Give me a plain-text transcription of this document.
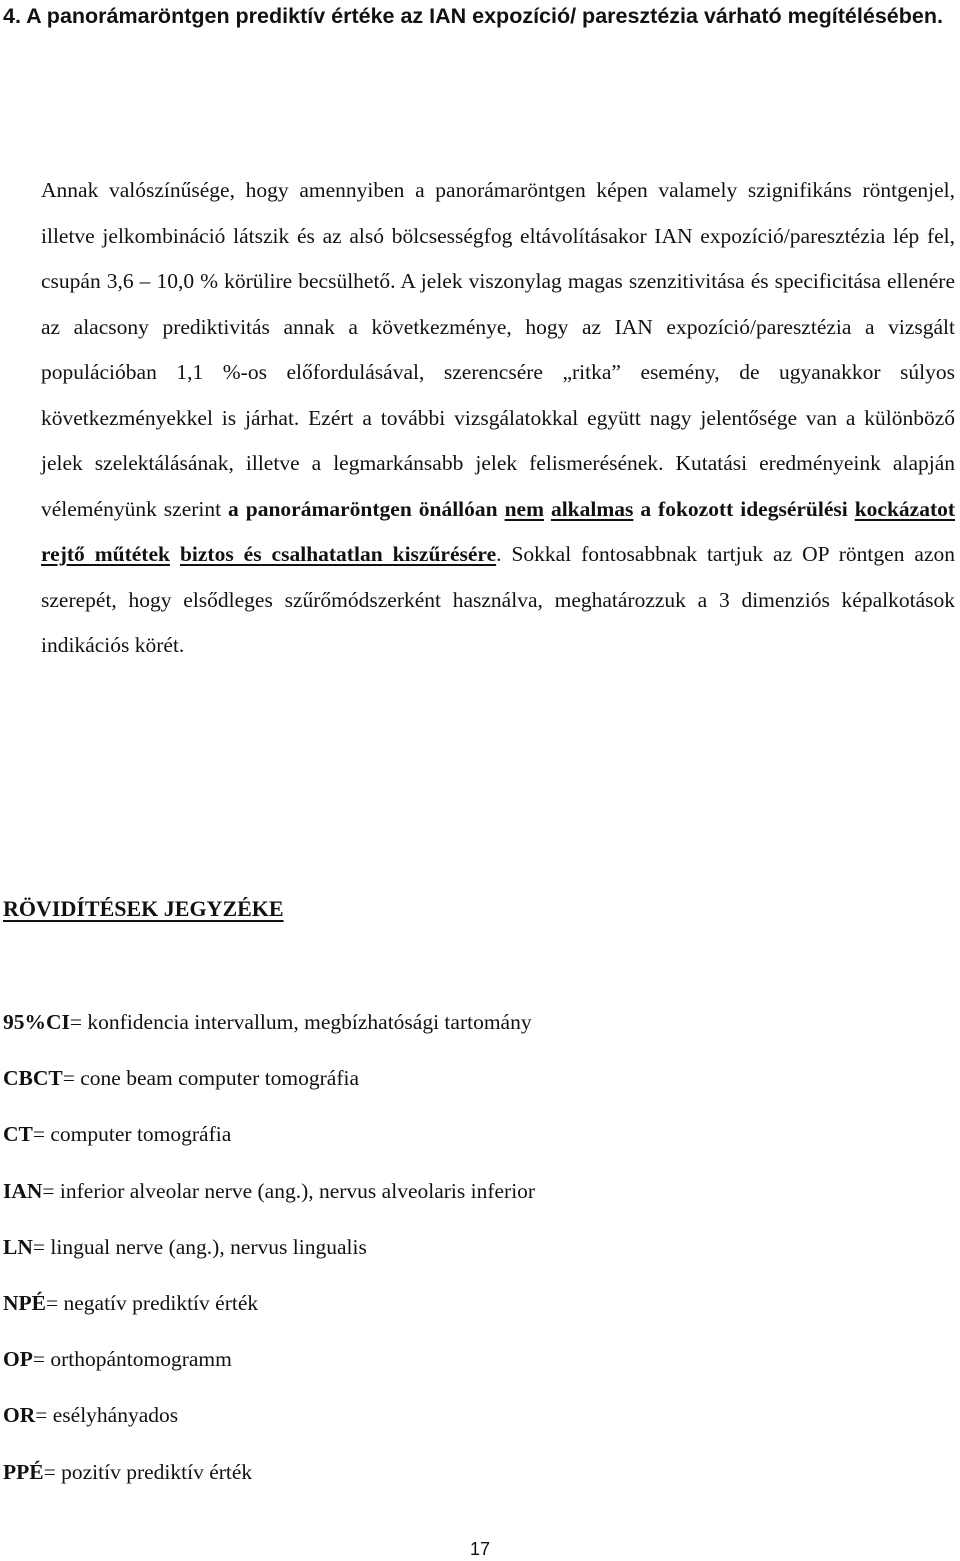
4. A panorámaröntgen prediktív értéke az IAN expozíció/ paresztézia várható megítélésében.

Annak valószínűsége, hogy amennyiben a panorámaröntgen képen valamely szignifikáns röntgenjel, illetve jelkombináció látszik és az alsó bölcsességfog eltávolításakor IAN expozíció/paresztézia lép fel, csupán 3,6 – 10,0 % körülire becsülhető. A jelek viszonylag magas szenzitivitása és specificitása ellenére az alacsony prediktivitás annak a következménye, hogy az IAN expozíció/paresztézia a vizsgált populációban 1,1 %-os előfordulásával, szerencsére „ritka” esemény, de ugyanakkor súlyos következményekkel is járhat. Ezért a további vizsgálatokkal együtt nagy jelentősége van a különböző jelek szelektálásának, illetve a legmarkánsabb jelek felismerésének. Kutatási eredményeink alapján véleményünk szerint a panorámaröntgen önállóan nem alkalmas a fokozott idegsérülési kockázatot rejtő műtétek biztos és csalhatatlan kiszűrésére. Sokkal fontosabbnak tartjuk az OP röntgen azon szerepét, hogy elsődleges szűrőmódszerként használva, meghatározzuk a 3 dimenziós képalkotások indikációs körét.

RÖVIDÍTÉSEK JEGYZÉKE
95%CI= konfidencia intervallum, megbízhatósági tartomány
CBCT= cone beam computer tomográfia
CT= computer tomográfia
IAN= inferior alveolar nerve (ang.), nervus alveolaris inferior
LN= lingual nerve (ang.), nervus lingualis
NPÉ= negatív prediktív érték
OP= orthopántomogramm
OR= esélyhányados
PPÉ= pozitív prediktív érték
17
